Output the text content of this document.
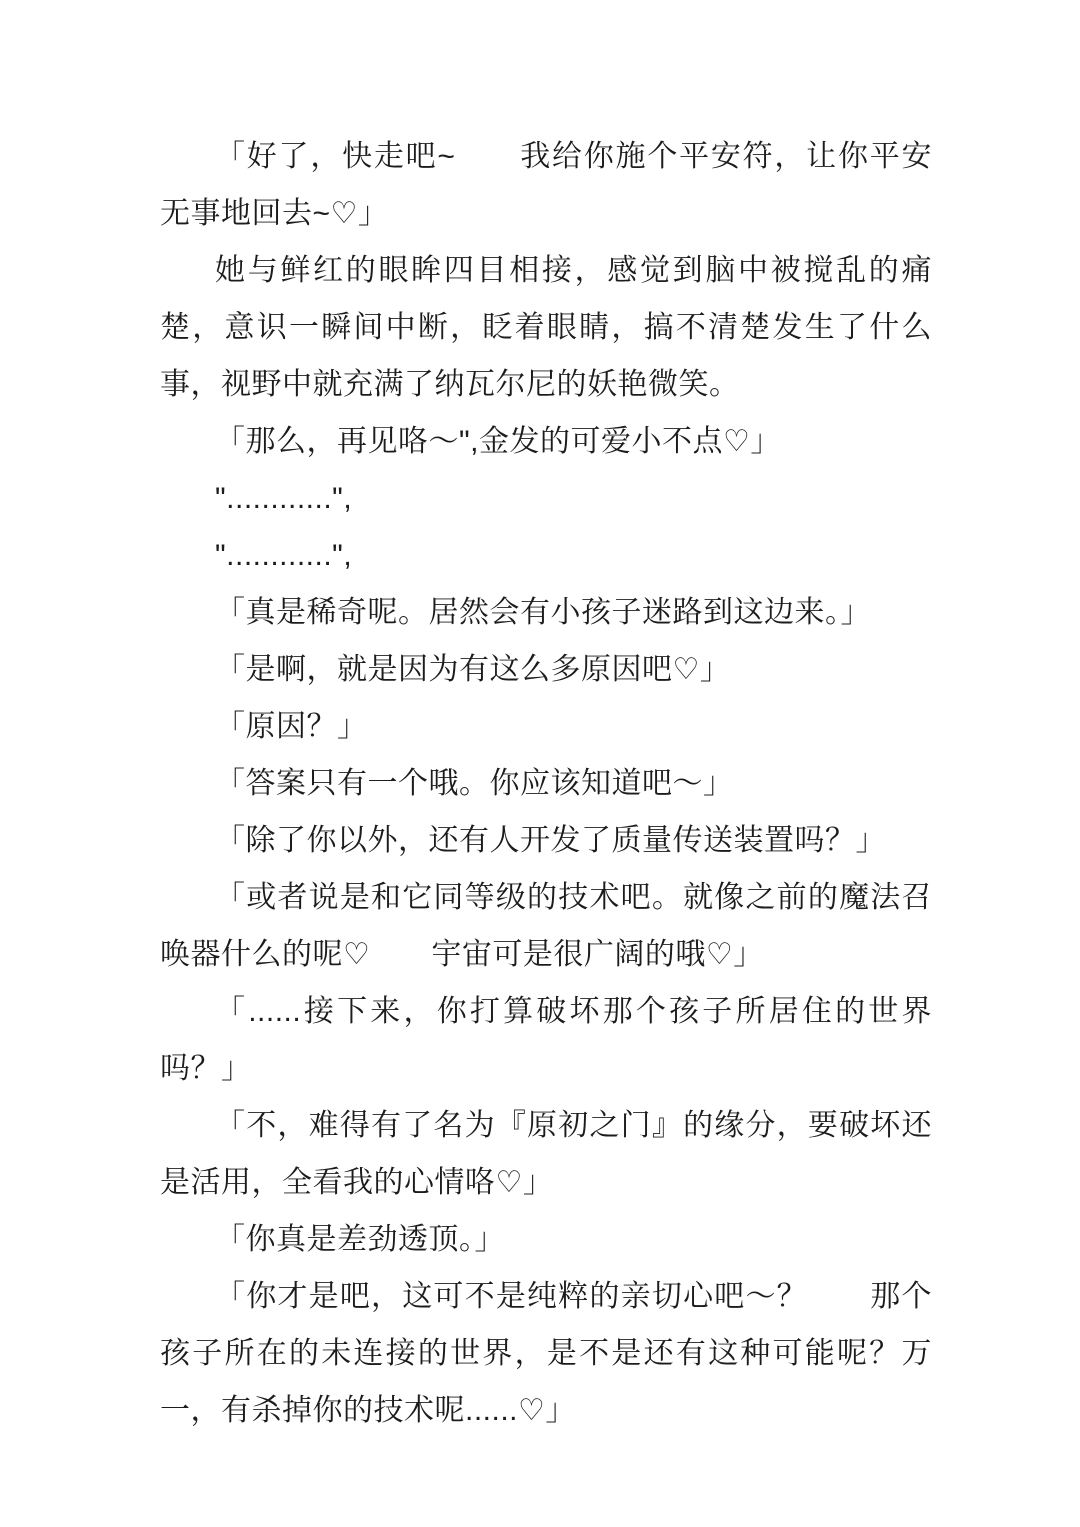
「好了，快走吧~　　我给你施个平安符，让你平安无事地回去~♡」

她与鲜红的眼眸四目相接，感觉到脑中被搅乱的痛楚，意识一瞬间中断，眨着眼睛，搞不清楚发生了什么事，视野中就充满了纳瓦尔尼的妖艳微笑。

「那么，再见咯～",金发的可爱小不点♡」

"............",

"............",

「真是稀奇呢。居然会有小孩子迷路到这边来。」

「是啊，就是因为有这么多原因吧♡」

「原因？」

「答案只有一个哦。你应该知道吧～」

「除了你以外，还有人开发了质量传送装置吗？」

「或者说是和它同等级的技术吧。就像之前的魔法召唤器什么的呢♡　　宇宙可是很广阔的哦♡」

「......接下来，你打算破坏那个孩子所居住的世界吗？」

「不，难得有了名为『原初之门』的缘分，要破坏还是活用，全看我的心情咯♡」

「你真是差劲透顶。」

「你才是吧，这可不是纯粹的亲切心吧～？　　那个孩子所在的未连接的世界，是不是还有这种可能呢？万一，有杀掉你的技术呢......♡」
